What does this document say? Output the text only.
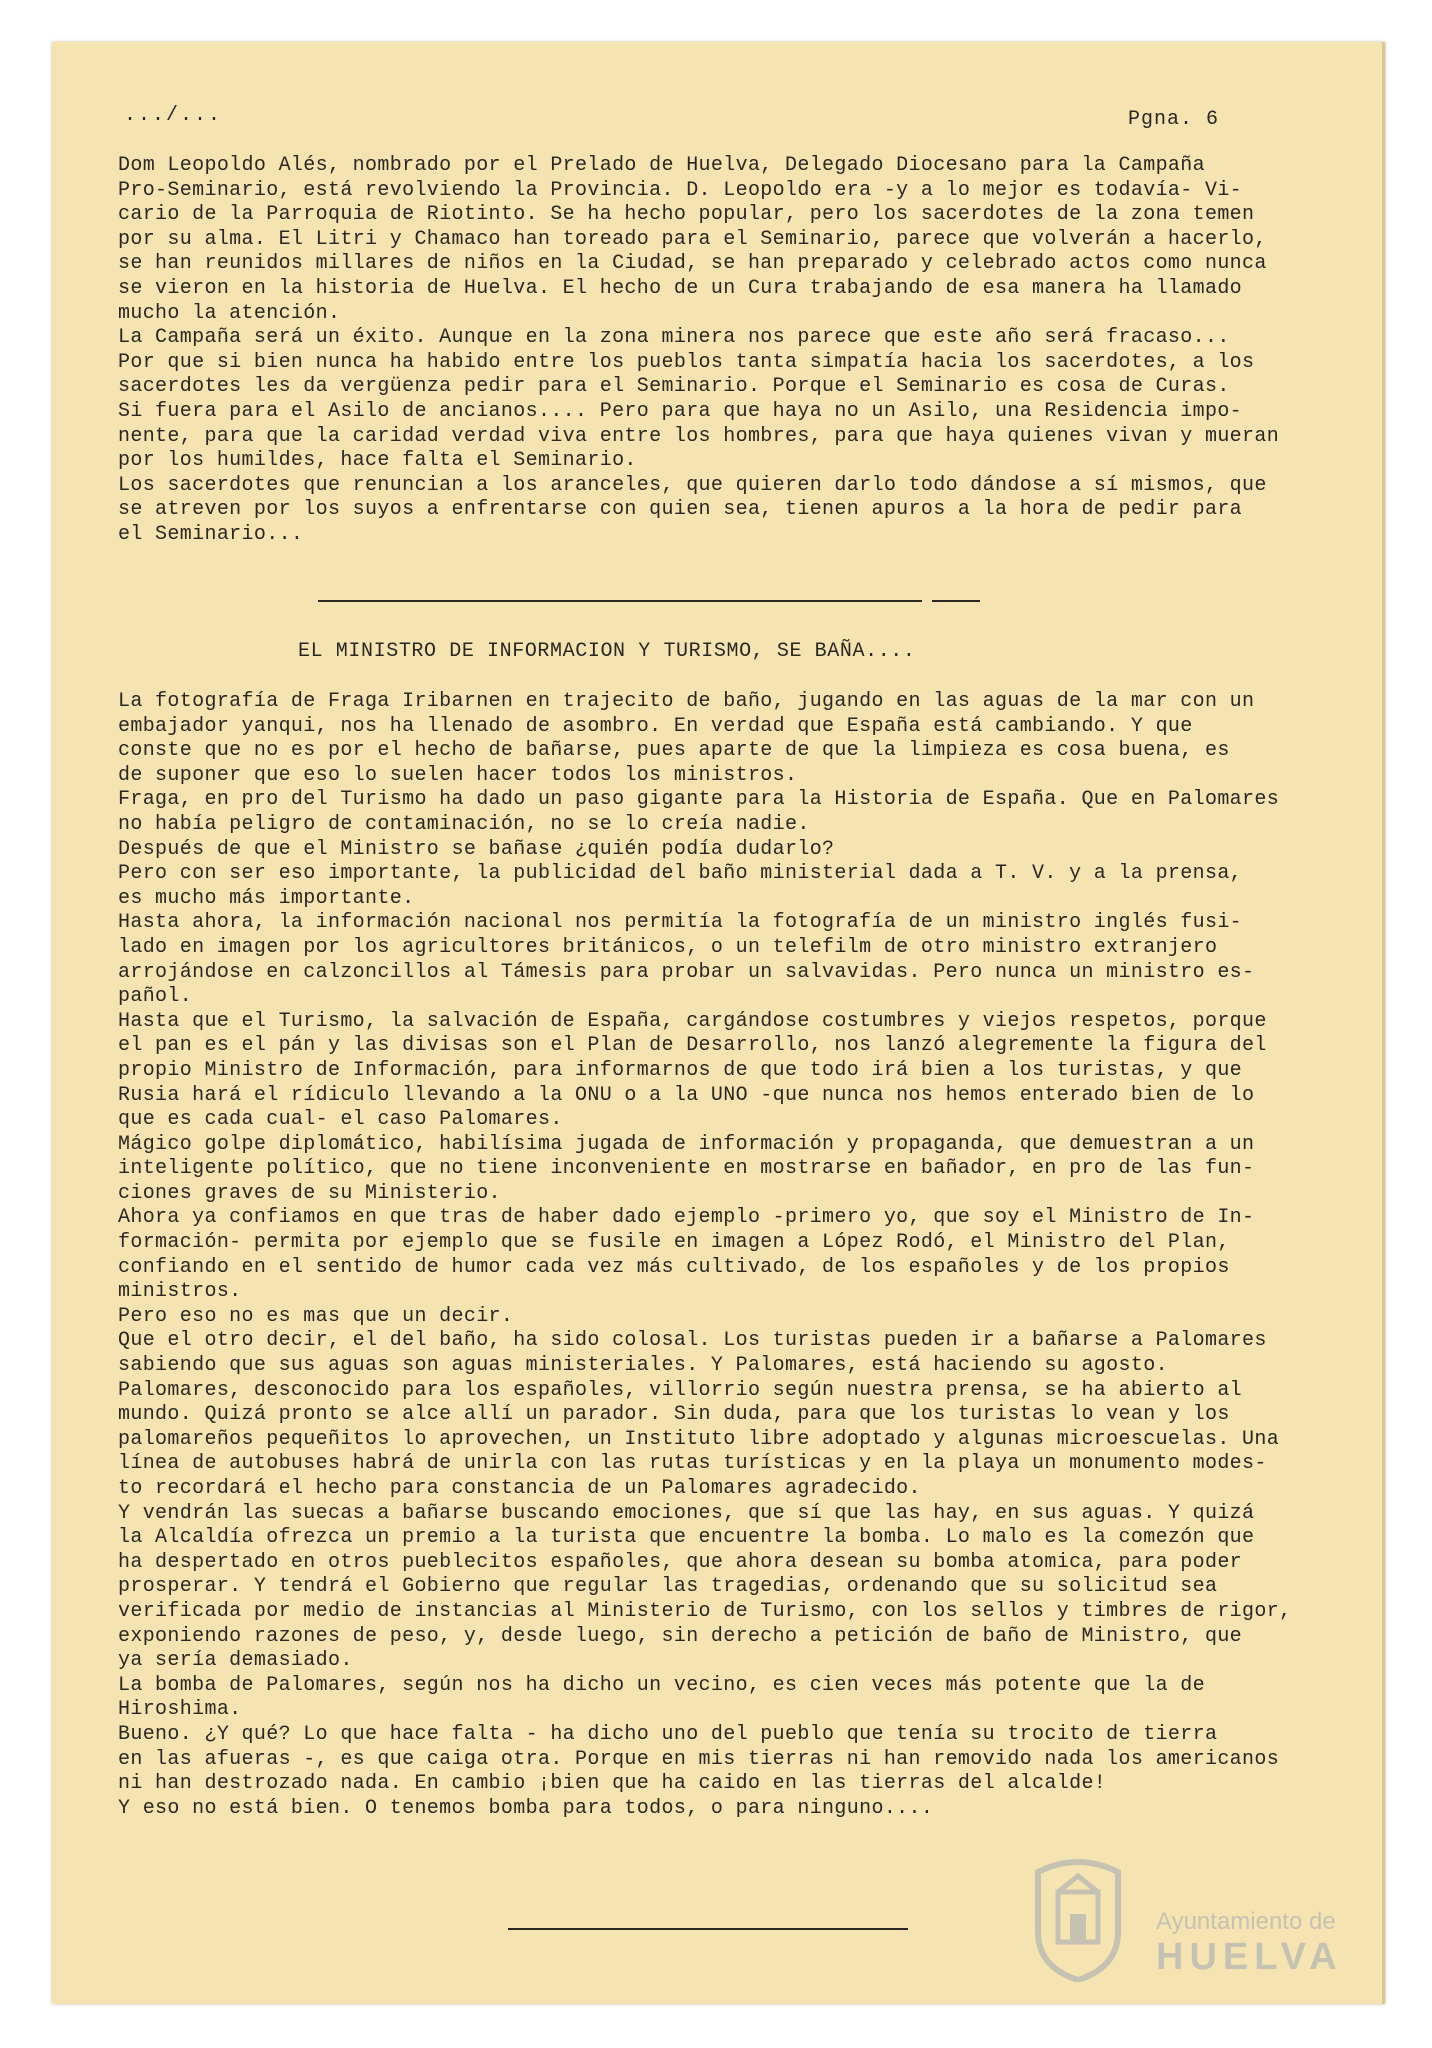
.../...	Pgna. 6
Dom Leopoldo Alés, nombrado por el Prelado de Huelva, Delegado Diocesano para la Campaña
Pro-Seminario, está revolviendo la Provincia. D. Leopoldo era -y a lo mejor es todavía- Vi-
cario de la Parroquia de Riotinto. Se ha hecho popular, pero los sacerdotes de la zona temen
por su alma. El Litri y Chamaco han toreado para el Seminario, parece que volverán a hacerlo,
se han reunidos millares de niños en la Ciudad, se han preparado y celebrado actos como nunca
se vieron en la historia de Huelva. El hecho de un Cura trabajando de esa manera ha llamado
mucho la atención.
La Campaña será un éxito. Aunque en la zona minera nos parece que este año será fracaso...
Por que si bien nunca ha habido entre los pueblos tanta simpatía hacia los sacerdotes, a los
sacerdotes les da vergüenza pedir para el Seminario. Porque el Seminario es cosa de Curas.
Si fuera para el Asilo de ancianos.... Pero para que haya no un Asilo, una Residencia impo-
nente, para que la caridad verdad viva entre los hombres, para que haya quienes vivan y mueran
por los humildes, hace falta el Seminario.
Los sacerdotes que renuncian a los aranceles, que quieren darlo todo dándose a sí mismos, que
se atreven por los suyos a enfrentarse con quien sea, tienen apuros a la hora de pedir para
el Seminario...
EL MINISTRO DE INFORMACION Y TURISMO, SE BAÑA....
La fotografía de Fraga Iribarnen en trajecito de baño, jugando en las aguas de la mar con un
embajador yanqui, nos ha llenado de asombro. En verdad que España está cambiando. Y que
conste que no es por el hecho de bañarse, pues aparte de que la limpieza es cosa buena, es
de suponer que eso lo suelen hacer todos los ministros.
Fraga, en pro del Turismo ha dado un paso gigante para la Historia de España. Que en Palomares
no había peligro de contaminación, no se lo creía nadie.
Después de que el Ministro se bañase ¿quién podía dudarlo?
Pero con ser eso importante, la publicidad del baño ministerial dada a T. V. y a la prensa,
es mucho más importante.
Hasta ahora, la información nacional nos permitía la fotografía de un ministro inglés fusi-
lado en imagen por los agricultores británicos, o un telefilm de otro ministro extranjero
arrojándose en calzoncillos al Támesis para probar un salvavidas. Pero nunca un ministro es-
pañol.
Hasta que el Turismo, la salvación de España, cargándose costumbres y viejos respetos, porque
el pan es el pán y las divisas son el Plan de Desarrollo, nos lanzó alegremente la figura del
propio Ministro de Información, para informarnos de que todo irá bien a los turistas, y que
Rusia hará el rídiculo llevando a la ONU o a la UNO -que nunca nos hemos enterado bien de lo
que es cada cual- el caso Palomares.
Mágico golpe diplomático, habilísima jugada de información y propaganda, que demuestran a un
inteligente político, que no tiene inconveniente en mostrarse en bañador, en pro de las fun-
ciones graves de su Ministerio.
Ahora ya confiamos en que tras de haber dado ejemplo -primero yo, que soy el Ministro de In-
formación- permita por ejemplo que se fusile en imagen a López Rodó, el Ministro del Plan,
confiando en el sentido de humor cada vez más cultivado, de los españoles y de los propios
ministros.
Pero eso no es mas que un decir.
Que el otro decir, el del baño, ha sido colosal. Los turistas pueden ir a bañarse a Palomares
sabiendo que sus aguas son aguas ministeriales. Y Palomares, está haciendo su agosto.
Palomares, desconocido para los españoles, villorrio según nuestra prensa, se ha abierto al
mundo. Quizá pronto se alce allí un parador. Sin duda, para que los turistas lo vean y los
palomareños pequeñitos lo aprovechen, un Instituto libre adoptado y algunas microescuelas. Una
línea de autobuses habrá de unirla con las rutas turísticas y en la playa un monumento modes-
to recordará el hecho para constancia de un Palomares agradecido.
Y vendrán las suecas a bañarse buscando emociones, que sí que las hay, en sus aguas. Y quizá
la Alcaldía ofrezca un premio a la turista que encuentre la bomba. Lo malo es la comezón que
ha despertado en otros pueblecitos españoles, que ahora desean su bomba atomica, para poder
prosperar. Y tendrá el Gobierno que regular las tragedias, ordenando que su solicitud sea
verificada por medio de instancias al Ministerio de Turismo, con los sellos y timbres de rigor,
exponiendo razones de peso, y, desde luego, sin derecho a petición de baño de Ministro, que
ya sería demasiado.
La bomba de Palomares, según nos ha dicho un vecino, es cien veces más potente que la de
Hiroshima.
Bueno. ¿Y qué? Lo que hace falta - ha dicho uno del pueblo que tenía su trocito de tierra
en las afueras -, es que caiga otra. Porque en mis tierras ni han removido nada los americanos
ni han destrozado nada. En cambio ¡bien que ha caido en las tierras del alcalde!
Y eso no está bien. O tenemos bomba para todos, o para ninguno....
Ayuntamiento de
HUELVA
